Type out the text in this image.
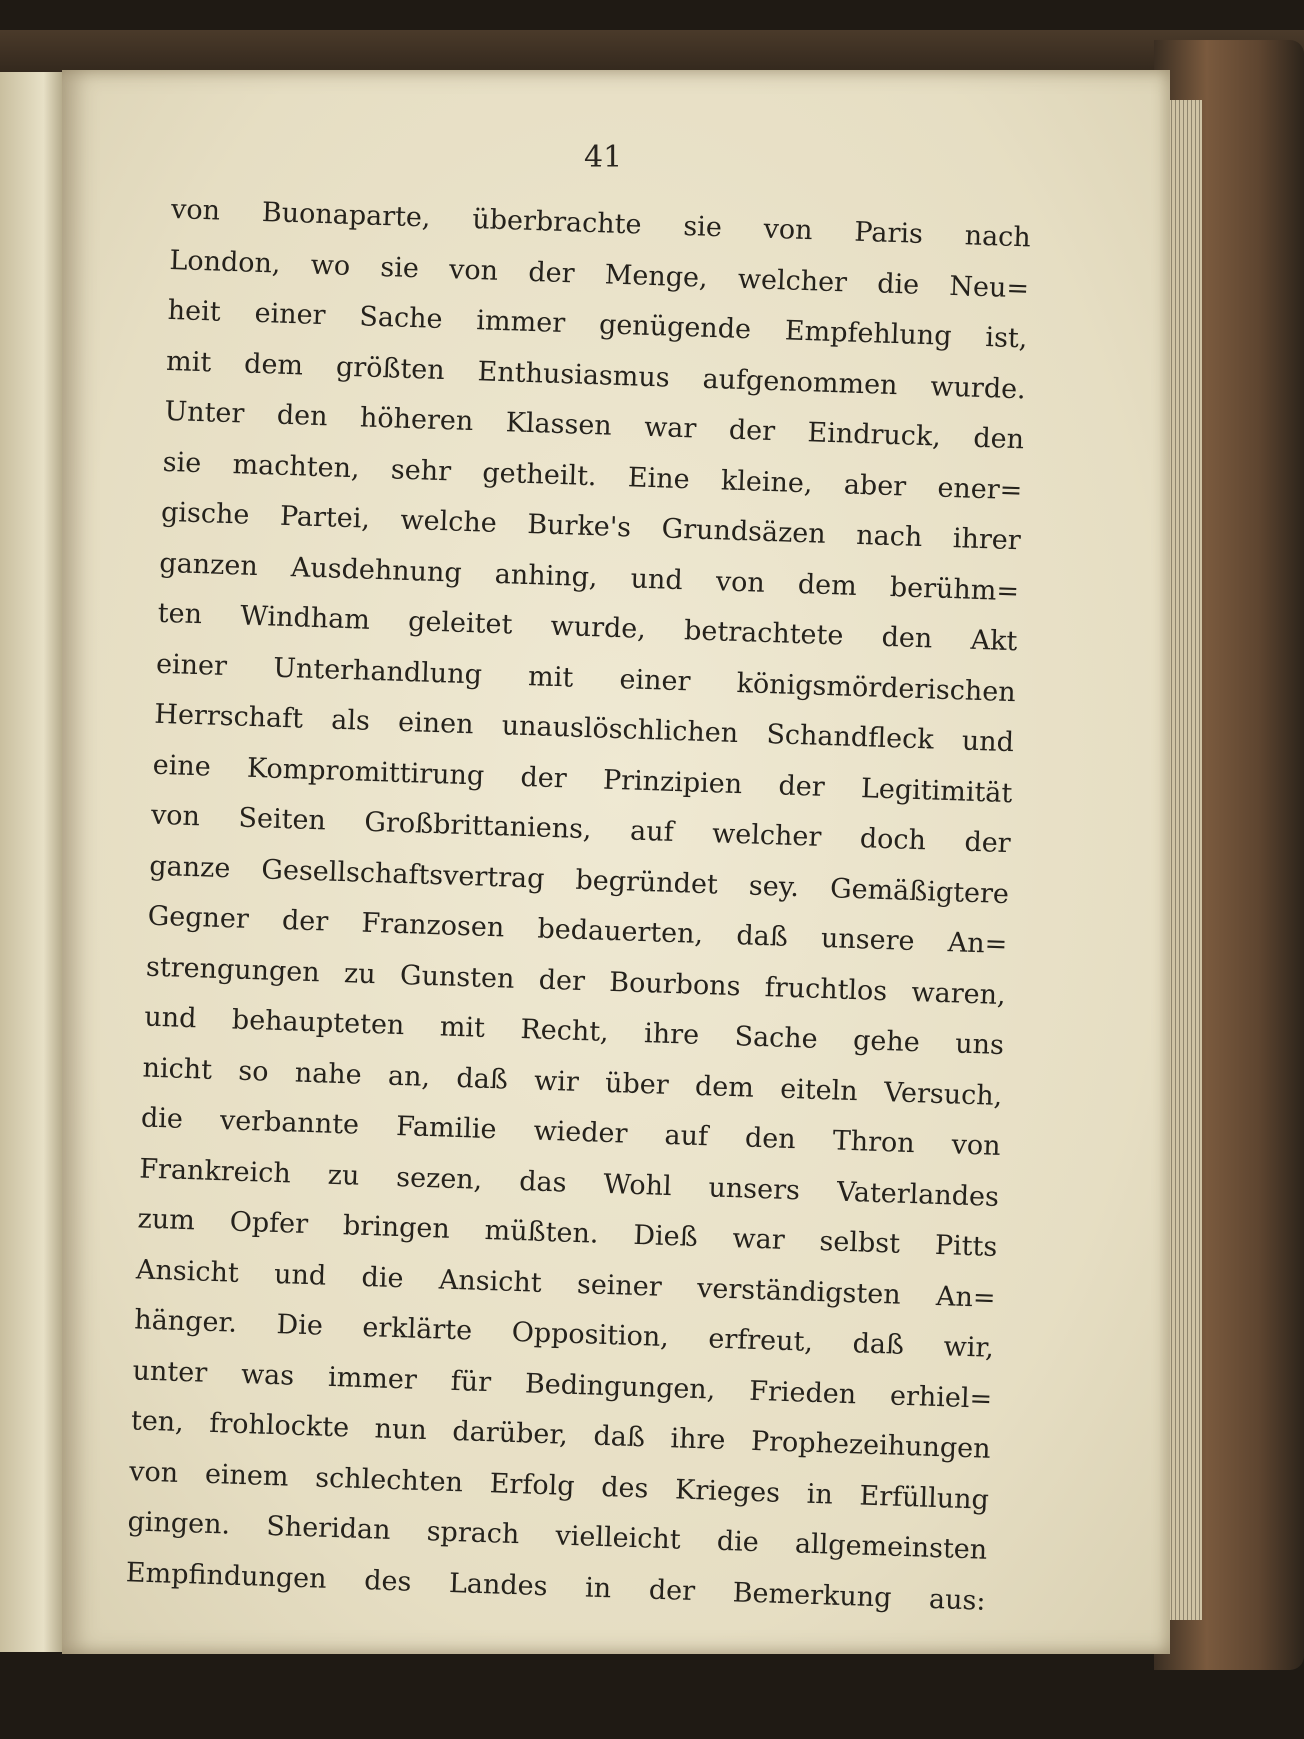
41
von Buonaparte, überbrachte sie von Paris nach
London, wo sie von der Menge, welcher die Neu=
heit einer Sache immer genügende Empfehlung ist,
mit dem größten Enthusiasmus aufgenommen wurde.
Unter den höheren Klassen war der Eindruck, den
sie machten, sehr getheilt. Eine kleine, aber ener=
gische Partei, welche Burke's Grundsäzen nach ihrer
ganzen Ausdehnung anhing, und von dem berühm=
ten Windham geleitet wurde, betrachtete den Akt
einer Unterhandlung mit einer königsmörderischen
Herrschaft als einen unauslöschlichen Schandfleck und
eine Kompromittirung der Prinzipien der Legitimität
von Seiten Großbrittaniens, auf welcher doch der
ganze Gesellschaftsvertrag begründet sey. Gemäßigtere
Gegner der Franzosen bedauerten, daß unsere An=
strengungen zu Gunsten der Bourbons fruchtlos waren,
und behaupteten mit Recht, ihre Sache gehe uns
nicht so nahe an, daß wir über dem eiteln Versuch,
die verbannte Familie wieder auf den Thron von
Frankreich zu sezen, das Wohl unsers Vaterlandes
zum Opfer bringen müßten. Dieß war selbst Pitts
Ansicht und die Ansicht seiner verständigsten An=
hänger. Die erklärte Opposition, erfreut, daß wir,
unter was immer für Bedingungen, Frieden erhiel=
ten, frohlockte nun darüber, daß ihre Prophezeihungen
von einem schlechten Erfolg des Krieges in Erfüllung
gingen. Sheridan sprach vielleicht die allgemeinsten
Empfindungen des Landes in der Bemerkung aus:
